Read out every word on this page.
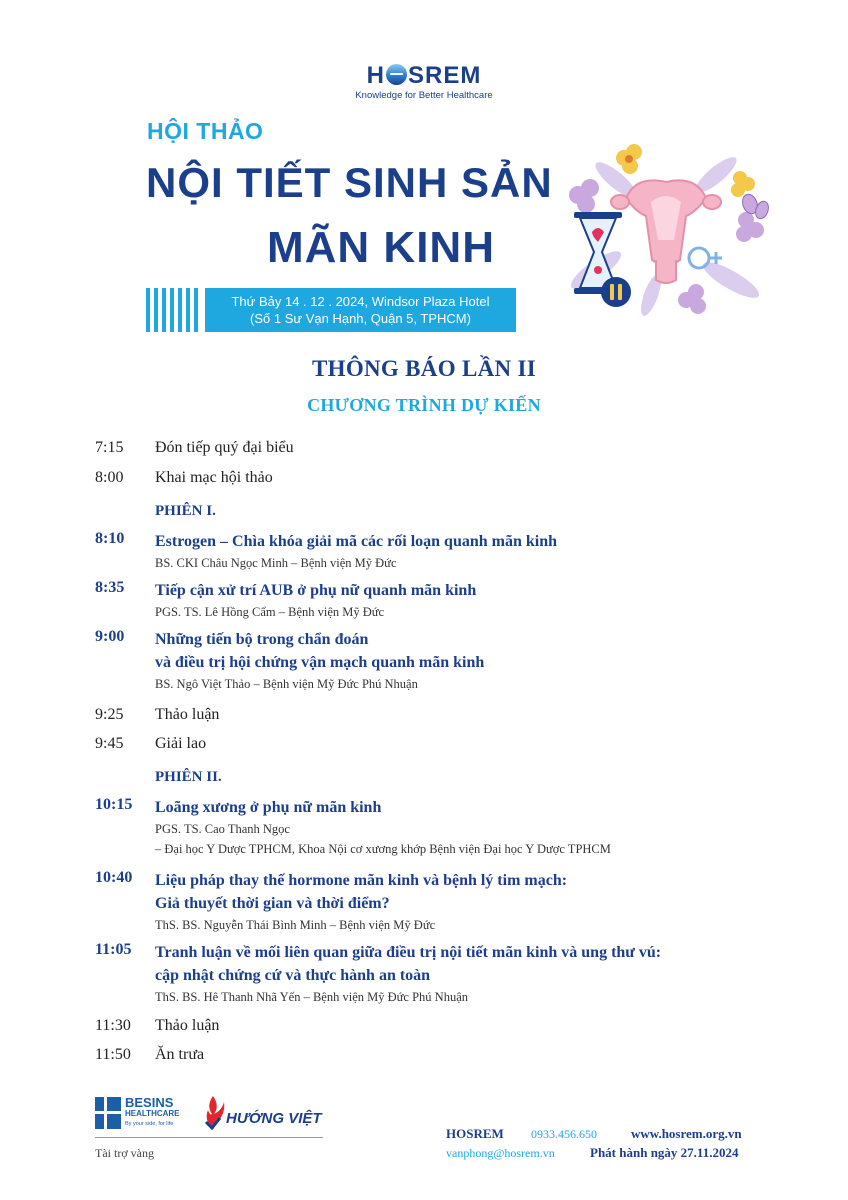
H SREM
Knowledge for Better Healthcare
HỘI THẢO
NỘI TIẾT SINH SẢN
MÃN KINH
Thứ Bảy 14 . 12 . 2024, Windsor Plaza Hotel
(Số 1 Sư Vạn Hạnh, Quận 5, TPHCM)
THÔNG BÁO LẦN II
CHƯƠNG TRÌNH DỰ KIẾN
7:15	Đón tiếp quý đại biểu
8:00	Khai mạc hội thảo
PHIÊN I.
8:10	Estrogen – Chìa khóa giải mã các rối loạn quanh mãn kinh
BS. CKI Châu Ngọc Minh – Bệnh viện Mỹ Đức
8:35	Tiếp cận xử trí AUB ở phụ nữ quanh mãn kinh
PGS. TS. Lê Hồng Cẩm – Bệnh viện Mỹ Đức
9:00	Những tiến bộ trong chẩn đoán
và điều trị hội chứng vận mạch quanh mãn kinh
BS. Ngô Việt Thảo – Bệnh viện Mỹ Đức Phú Nhuận
9:25	Thảo luận
9:45	Giải lao
PHIÊN II.
10:15	Loãng xương ở phụ nữ mãn kinh
PGS. TS. Cao Thanh Ngọc
– Đại học Y Dược TPHCM, Khoa Nội cơ xương khớp Bệnh viện Đại học Y Dược TPHCM
10:40	Liệu pháp thay thế hormone mãn kinh và bệnh lý tim mạch:
Giả thuyết thời gian và thời điểm?
ThS. BS. Nguyễn Thái Bình Minh – Bệnh viện Mỹ Đức
11:05	Tranh luận về mối liên quan giữa điều trị nội tiết mãn kinh và ung thư vú:
cập nhật chứng cứ và thực hành an toàn
ThS. BS. Hê Thanh Nhã Yến – Bệnh viện Mỹ Đức Phú Nhuận
11:30	Thảo luận
11:50	Ăn trưa
BESINS
HEALTHCARE
By your side, for life	HƯỚNG VIỆT
Tài trợ vàng
HOSREM 0933.456.650	www.hosrem.org.vn
vanphong@hosrem.vn	Phát hành ngày 27.11.2024
